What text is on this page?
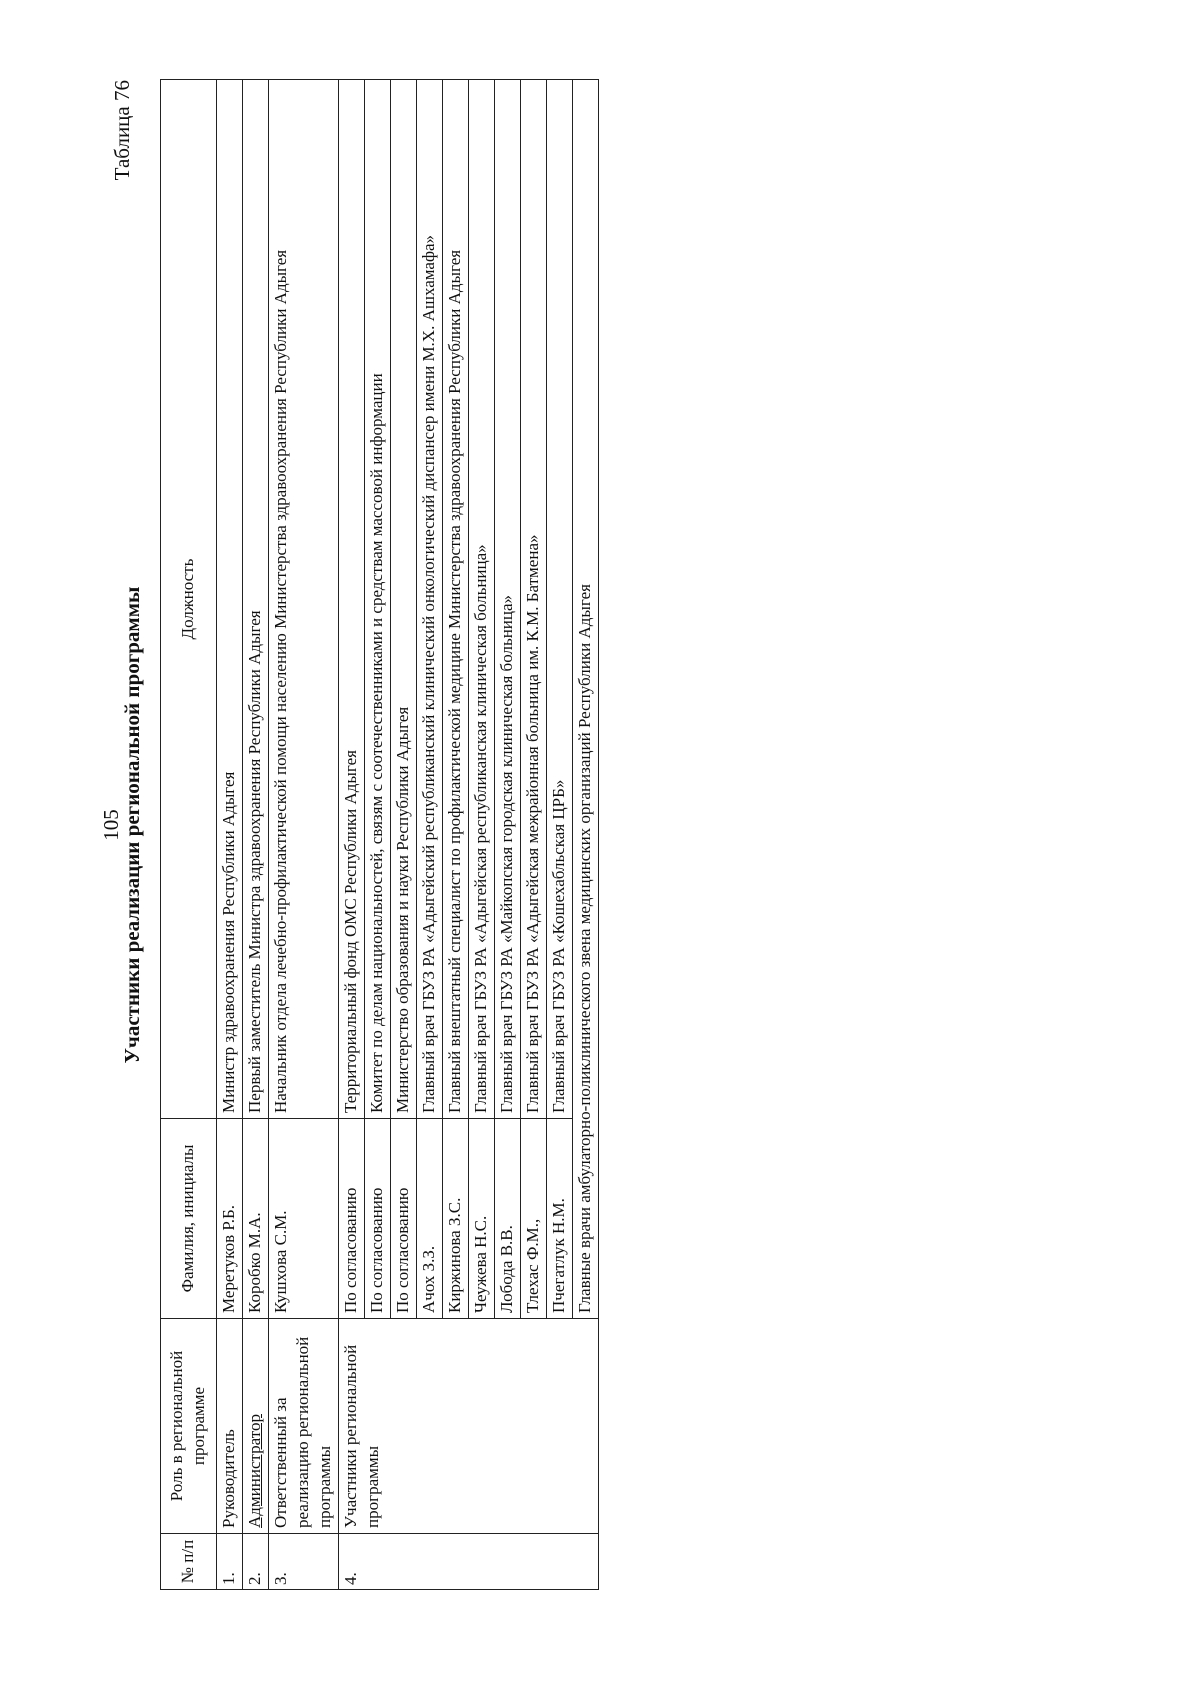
105
Участники реализации региональной программы
Таблица 76
№ п/п	Роль в региональной программе	Фамилия, инициалы	Должность
1.	Руководитель	Меретуков Р.Б.	Министр здравоохранения Республики Адыгея
2.	Администратор	Коробко М.А.	Первый заместитель Министра здравоохранения Республики Адыгея
3.	Ответственный за реализацию региональной программы	Кушхова С.М.	Начальник отдела лечебно-профилактической помощи населению Министерства здравоохранения Республики Адыгея
4.	Участники региональной программы	По согласованию	Территориальный фонд ОМС Республики Адыгея
		По согласованию	Комитет по делам национальностей, связям с соотечественниками и средствам массовой информации
		По согласованию	Министерство образования и науки Республики Адыгея
		Ачох З.З.	Главный врач ГБУЗ РА «Адыгейский республиканский клинический онкологический диспансер имени М.Х. Ашхамафа»
		Киржинова З.С.	Главный внештатный специалист по профилактической медицине Министерства здравоохранения Республики Адыгея
		Чеужева Н.С.	Главный врач ГБУЗ РА «Адыгейская республиканская клиническая больница»
		Лобода В.В.	Главный врач ГБУЗ РА «Майкопская городская клиническая больница»
		Тлехас Ф.М.,	Главный врач ГБУЗ РА «Адыгейская межрайонная больница им. К.М. Батмена»
		Пчегатлук Н.М.	Главный врач ГБУЗ РА «Кошехабльская ЦРБ»
		Главные врачи амбулаторно-поликлинического звена медицинских организаций Республики Адыгея	
